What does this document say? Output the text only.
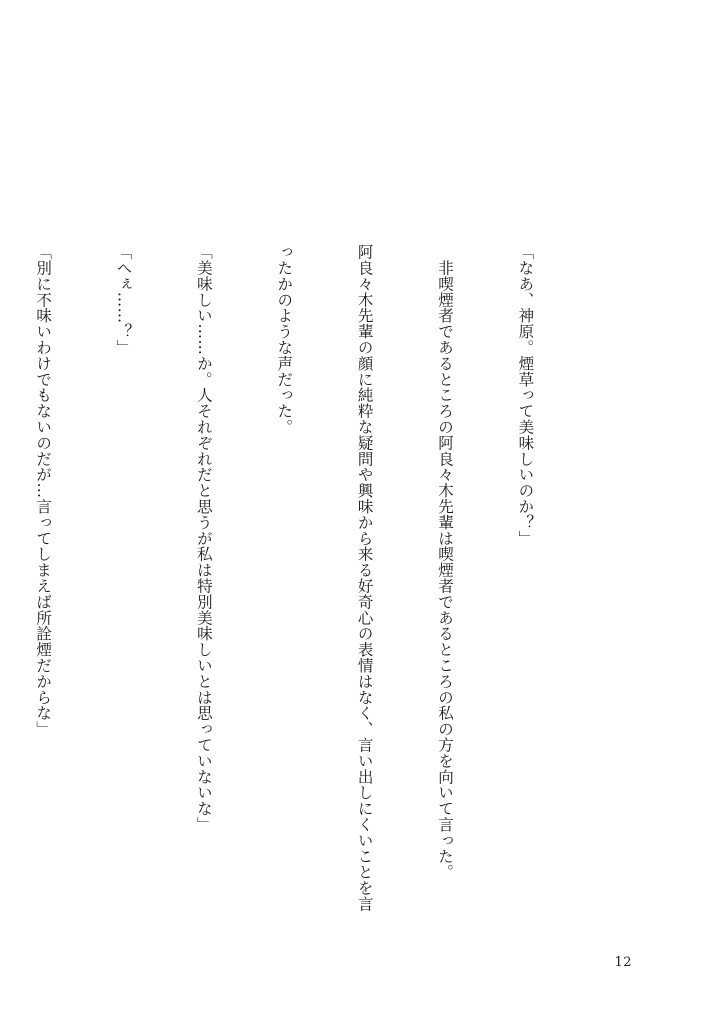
「なあ、神原。煙草って美味しいのか？」

　非喫煙者であるところの阿良々木先輩は喫煙者であるところの私の方を向いて言った。

阿良々木先輩の顔に純粋な疑問や興味から来る好奇心の表情はなく、言い出しにくいことを言

ったかのような声だった。

「美味しい……か。人それぞれだと思うが私は特別美味しいとは思っていないな」

「へぇ……？」

「別に不味いわけでもないのだが…言ってしまえば所詮煙だからな」

12
